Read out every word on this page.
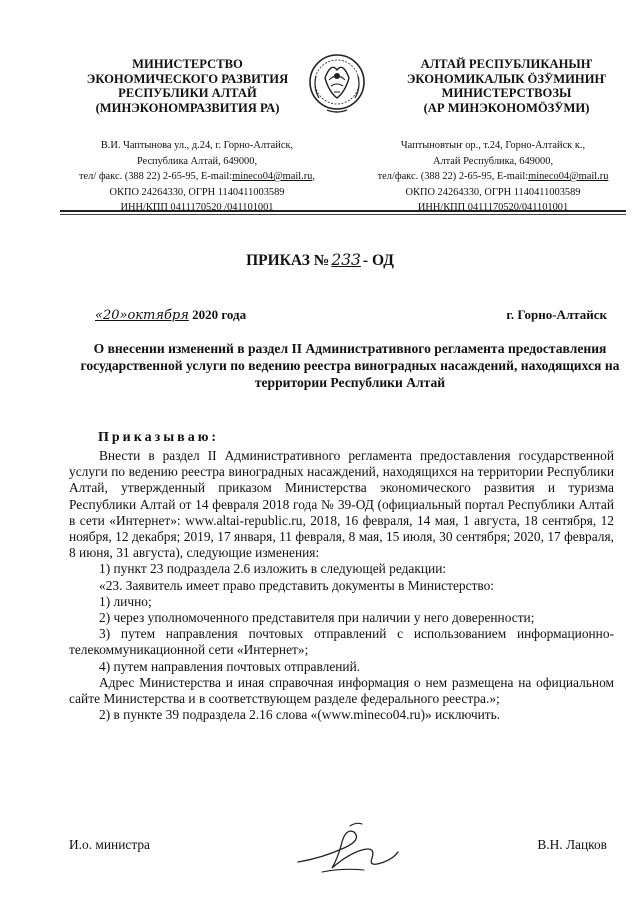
МИНИСТЕРСТВО
ЭКОНОМИЧЕСКОГО РАЗВИТИЯ
РЕСПУБЛИКИ АЛТАЙ
(МИНЭКОНОМРАЗВИТИЯ РА)
АЛТАЙ РЕСПУБЛИКАНЫҤ
ЭКОНОМИКАЛЫК ӦЗӰМИНИҤ
МИНИСТЕРСТВОЗЫ
(АР МИНЭКОНОМӦЗӰМИ)
В.И. Чаптынова ул., д.24, г. Горно-Алтайск,
Республика Алтай, 649000,
тел/ факс. (388 22) 2-65-95, E-mail:mineco04@mail.ru,
ОКПО 24264330, ОГРН 1140411003589
ИНН/КПП 0411170520 /041101001
Чаптыновтыҥ ор., т.24, Горно-Алтайск к.,
Алтай Республика, 649000,
тел/факс. (388 22) 2-65-95, E-mail:mineco04@mail.ru
ОКПО 24264330, ОГРН 1140411003589
ИНН/КПП 0411170520/041101001
ПРИКАЗ № 233 - ОД
«20»октября 2020 года	г. Горно-Алтайск
О внесении изменений в раздел II Административного регламента предоставления государственной услуги по ведению реестра виноградных насаждений, находящихся на территории Республики Алтай
Приказываю:

Внести в раздел II Административного регламента предоставления государственной услуги по ведению реестра виноградных насаждений, находящихся на территории Республики Алтай, утвержденный приказом Министерства экономического развития и туризма Республики Алтай от 14 февраля 2018 года № 39-ОД (официальный портал Республики Алтай в сети «Интернет»: www.altai-republic.ru, 2018, 16 февраля, 14 мая, 1 августа, 18 сентября, 12 ноября, 12 декабря; 2019, 17 января, 11 февраля, 8 мая, 15 июля, 30 сентября; 2020, 17 февраля, 8 июня, 31 августа), следующие изменения:

1) пункт 23 подраздела 2.6 изложить в следующей редакции:

«23. Заявитель имеет право представить документы в Министерство:

1) лично;

2) через уполномоченного представителя при наличии у него доверенности;

3) путем направления почтовых отправлений с использованием информационно-телекоммуникационной сети «Интернет»;

4) путем направления почтовых отправлений.

Адрес Министерства и иная справочная информация о нем размещена на официальном сайте Министерства и в соответствующем разделе федерального реестра.»;

2) в пункте 39 подраздела 2.16 слова «(www.mineco04.ru)» исключить.

И.о. министра	В.Н. Лацков
